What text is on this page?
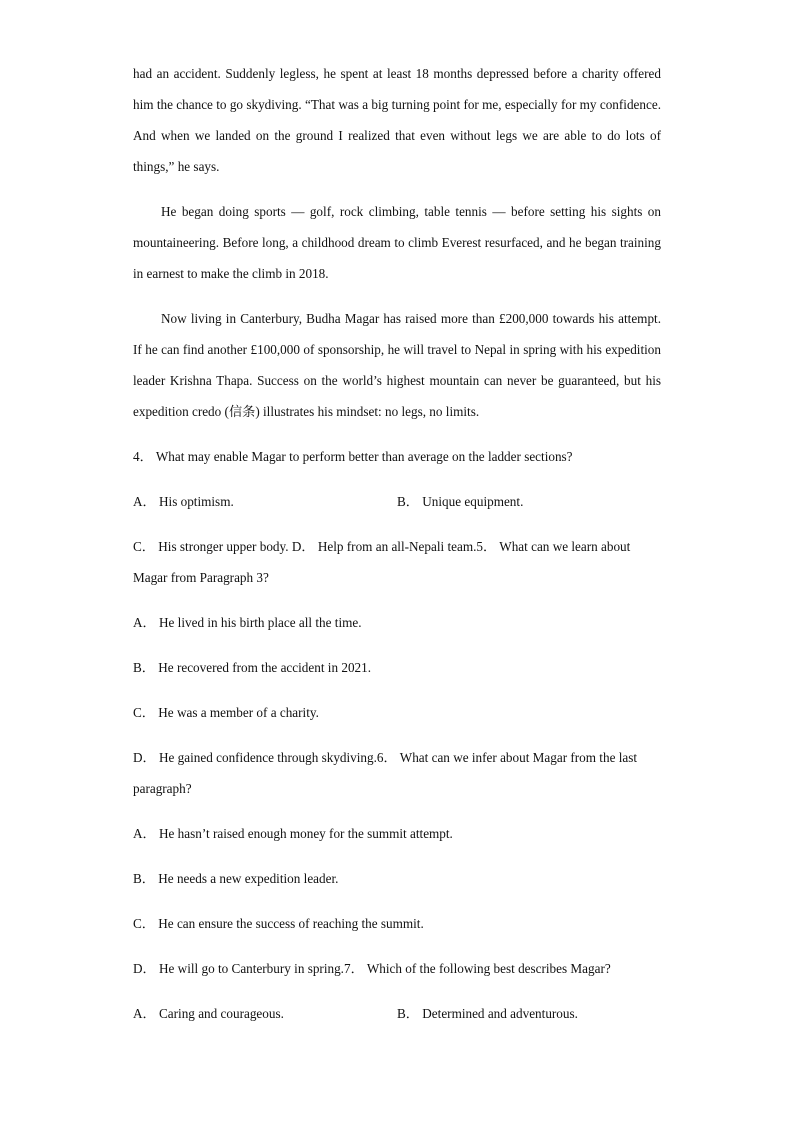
had an accident. Suddenly legless, he spent at least 18 months depressed before a charity offered him the chance to go skydiving. “That was a big turning point for me, especially for my confidence. And when we landed on the ground I realized that even without legs we are able to do lots of things,” he says.

He began doing sports — golf, rock climbing, table tennis — before setting his sights on mountaineering. Before long, a childhood dream to climb Everest resurfaced, and he began training in earnest to make the climb in 2018.

Now living in Canterbury, Budha Magar has raised more than £200,000 towards his attempt. If he can find another £100,000 of sponsorship, he will travel to Nepal in spring with his expedition leader Krishna Thapa. Success on the world’s highest mountain can never be guaranteed, but his expedition credo (信条) illustrates his mindset: no legs, no limits.

4． What may enable Magar to perform better than average on the ladder sections?

A． His optimism.	B． Unique equipment.

C． His stronger upper body. D． Help from an all-Nepali team.5． What can we learn about Magar from Paragraph 3?

A． He lived in his birth place all the time.

B． He recovered from the accident in 2021.

C． He was a member of a charity.

D． He gained confidence through skydiving.6． What can we infer about Magar from the last paragraph?

A． He hasn’t raised enough money for the summit attempt.

B． He needs a new expedition leader.

C． He can ensure the success of reaching the summit.

D． He will go to Canterbury in spring.7． Which of the following best describes Magar?

A． Caring and courageous.	B． Determined and adventurous.
